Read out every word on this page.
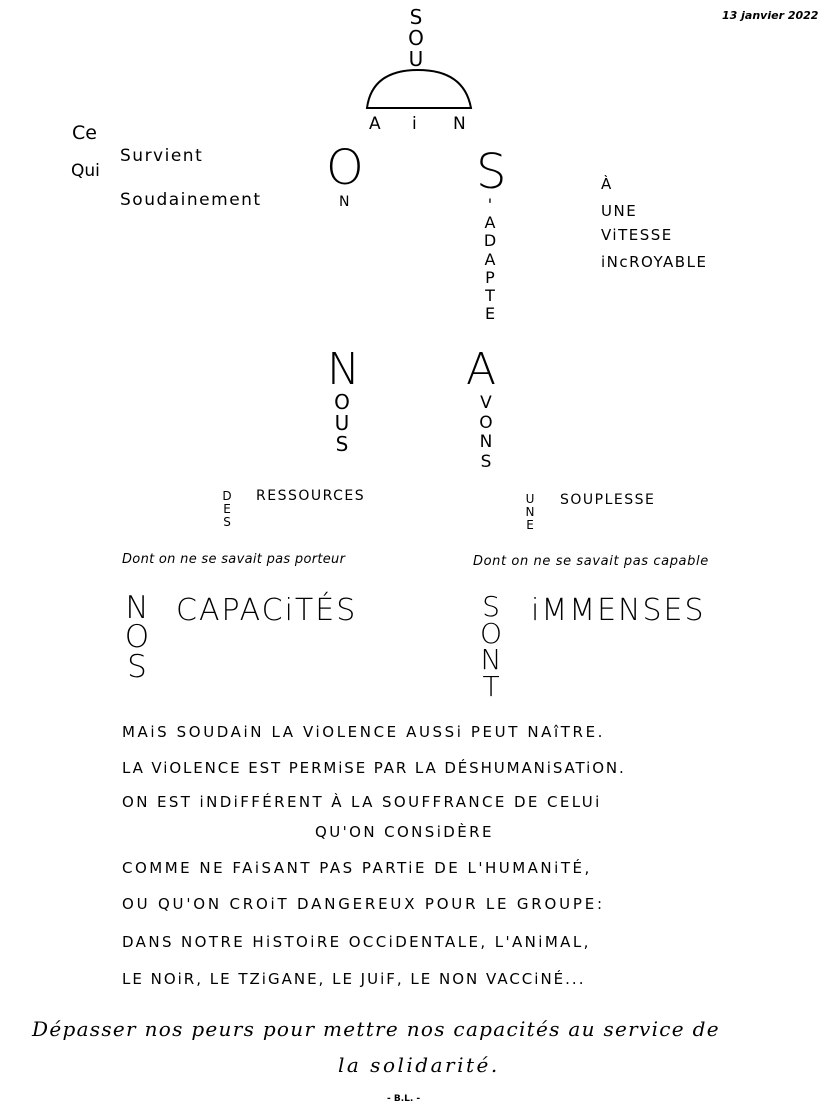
13 janvier 2022
S
O
U
A i N
Ce
Qui
Survient
Soudainement
O
N
S
'
A
D
A
P
T
E
À
UNE
ViTESSE
iNcROYABLE
N
O
U
S
A
V
O
N
S
D
E
S
RESSOURCES	U
N
E
SOUPLESSE
Dont on ne se savait pas porteur	Dont on ne se savait pas capable
N
O
S
CAPACiTÉS	S
O
N
T
iMMENSES
MAiS SOUDAiN LA ViOLENCE AUSSi PEUT NAîTRE.
LA ViOLENCE EST PERMiSE PAR LA DÉSHUMANiSATiON.
ON EST iNDiFFÉRENT À LA SOUFFRANCE DE CELUi
QU'ON CONSiDÈRE
COMME NE FAiSANT PAS PARTiE DE L'HUMANiTÉ,
OU QU'ON CROiT DANGEREUX POUR LE GROUPE:
DANS NOTRE HiSTOiRE OCCiDENTALE, L'ANiMAL,
LE NOiR, LE TZiGANE, LE JUiF, LE NON VACCiNÉ...
Dépasser nos peurs pour mettre nos capacités au service de
la solidarité.
- B.L. -
